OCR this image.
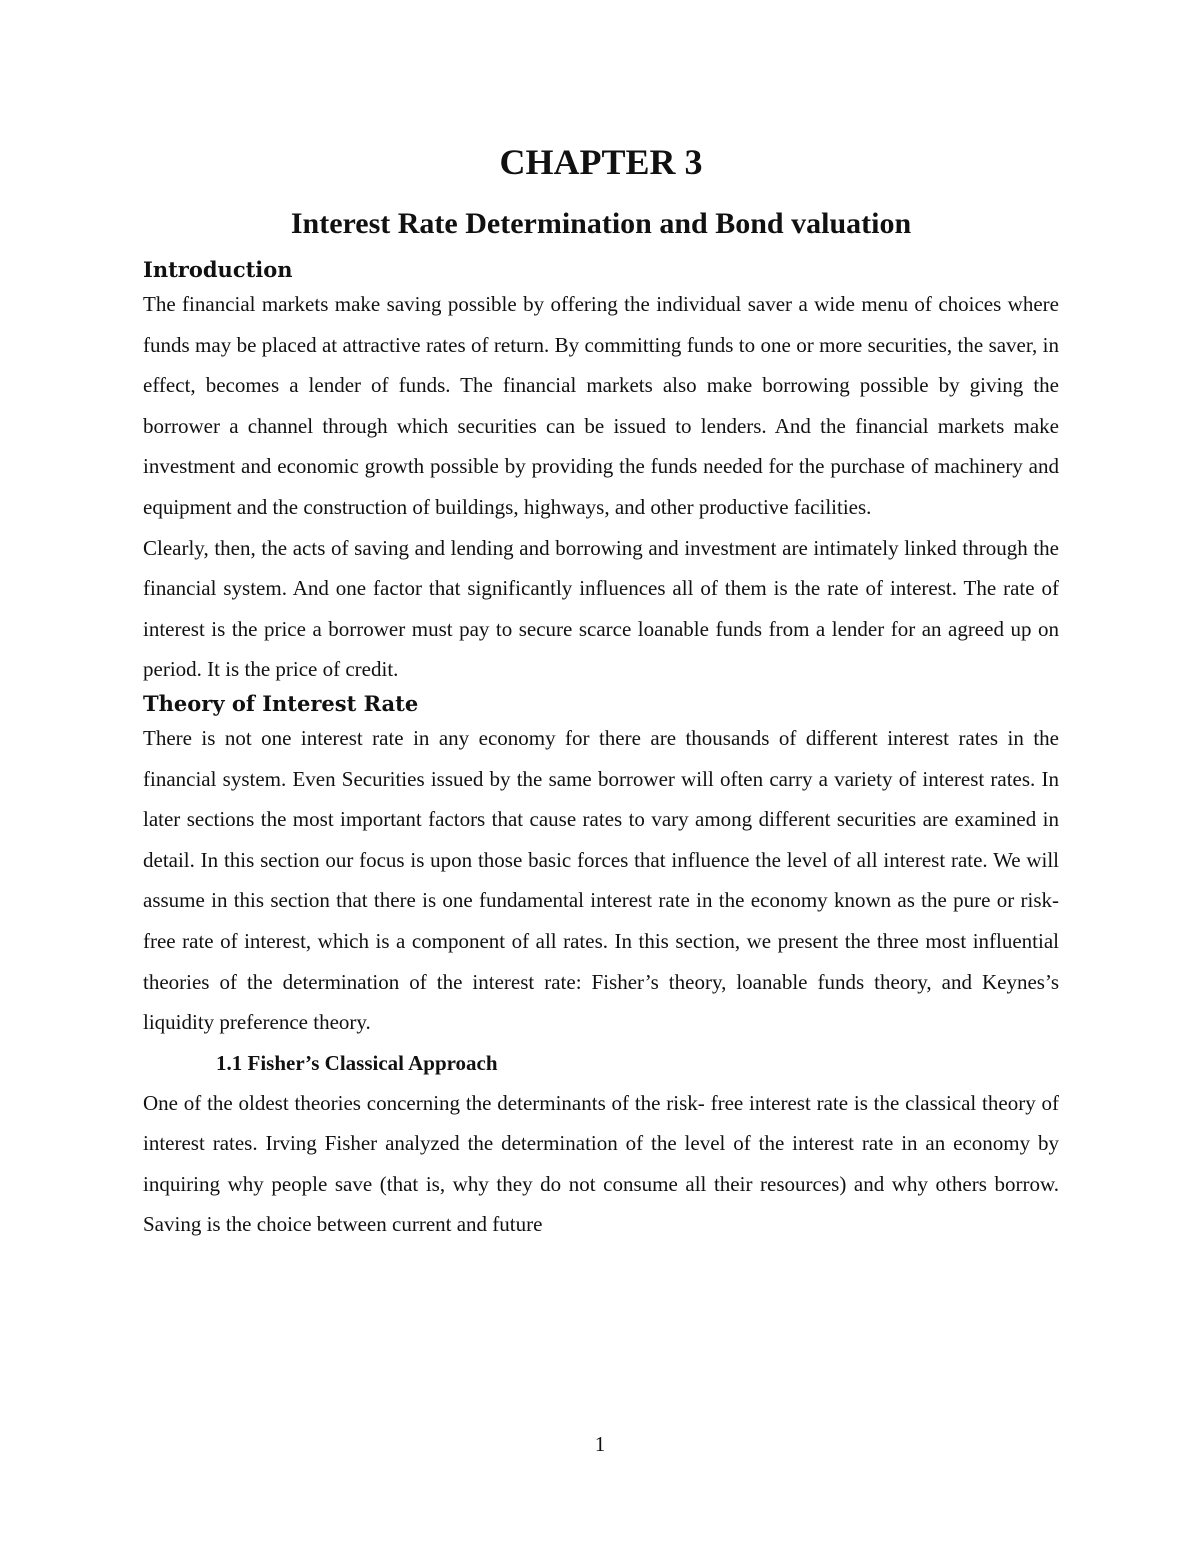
CHAPTER 3
Interest Rate Determination and Bond valuation
Introduction

The financial markets make saving possible by offering the individual saver a wide menu of choices where funds may be placed at attractive rates of return. By committing funds to one or more securities, the saver, in effect, becomes a lender of funds. The financial markets also make borrowing possible by giving the borrower a channel through which securities can be issued to lenders. And the financial markets make investment and economic growth possible by providing the funds needed for the purchase of machinery and equipment and the construction of buildings, highways, and other productive facilities.

Clearly, then, the acts of saving and lending and borrowing and investment are intimately linked through the financial system. And one factor that significantly influences all of them is the rate of interest. The rate of interest is the price a borrower must pay to secure scarce loanable funds from a lender for an agreed up on period. It is the price of credit.

Theory of Interest Rate

There is not one interest rate in any economy for there are thousands of different interest rates in the financial system. Even Securities issued by the same borrower will often carry a variety of interest rates. In later sections the most important factors that cause rates to vary among different securities are examined in detail. In this section our focus is upon those basic forces that influence the level of all interest rate. We will assume in this section that there is one fundamental interest rate in the economy known as the pure or risk- free rate of interest, which is a component of all rates. In this section, we present the three most influential theories of the determination of the interest rate: Fisher’s theory, loanable funds theory, and Keynes’s liquidity preference theory.

1.1 Fisher’s Classical Approach

One of the oldest theories concerning the determinants of the risk- free interest rate is the classical theory of interest rates. Irving Fisher analyzed the determination of the level of the interest rate in an economy by inquiring why people save (that is, why they do not consume all their resources) and why others borrow. Saving is the choice between current and future

1
